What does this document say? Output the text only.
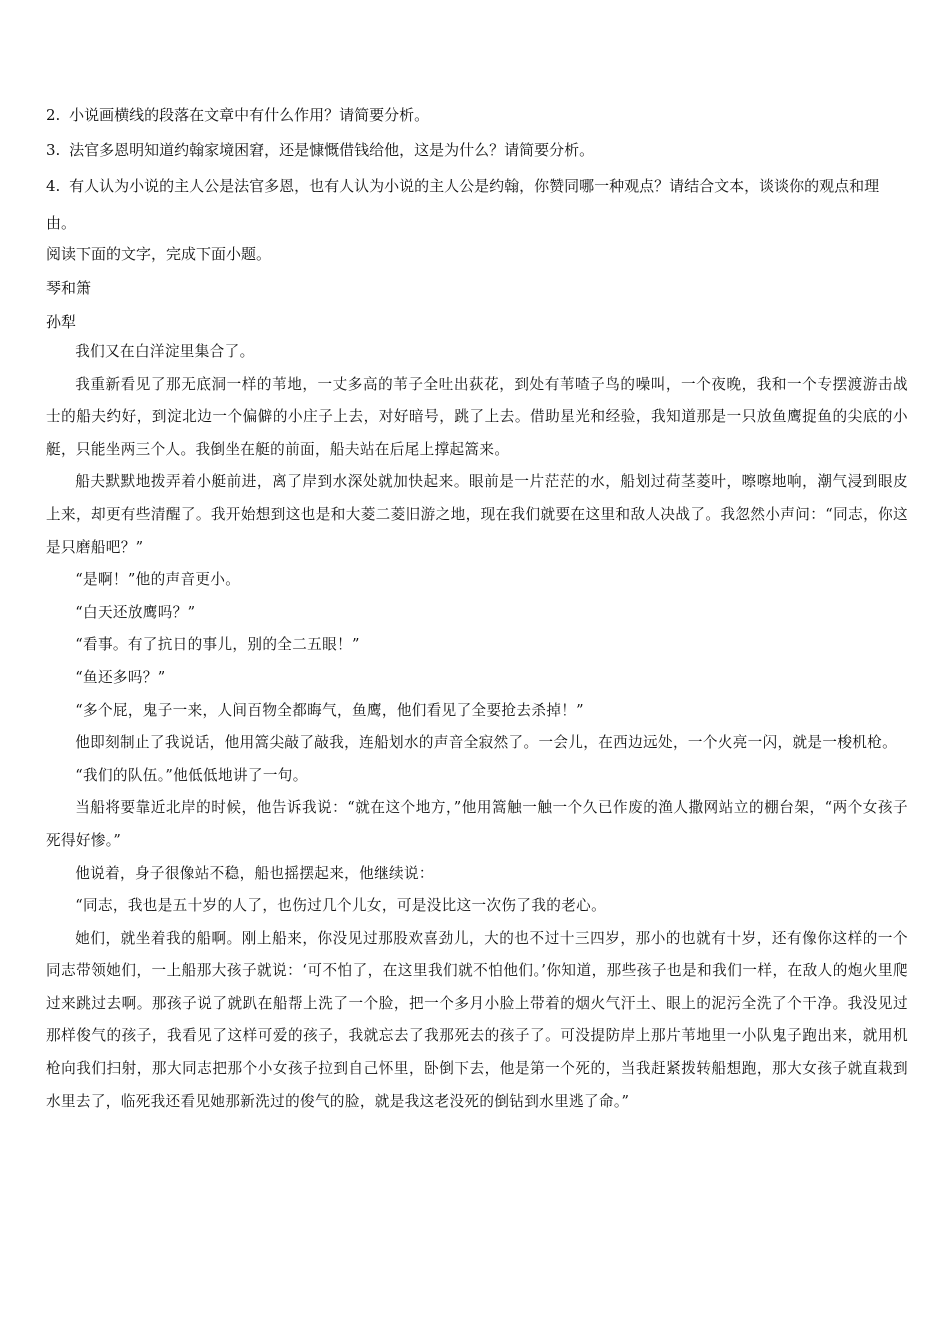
2. 小说画横线的段落在文章中有什么作用？请简要分析。

3. 法官多恩明知道约翰家境困窘，还是慷慨借钱给他，这是为什么？请简要分析。

4. 有人认为小说的主人公是法官多恩，也有人认为小说的主人公是约翰，你赞同哪一种观点？请结合文本，谈谈你的观点和理由。

阅读下面的文字，完成下面小题。

琴和箫

孙犁

我们又在白洋淀里集合了。

我重新看见了那无底洞一样的苇地，一丈多高的苇子全吐出荻花，到处有苇喳子鸟的噪叫，一个夜晚，我和一个专摆渡游击战士的船夫约好，到淀北边一个偏僻的小庄子上去，对好暗号，跳了上去。借助星光和经验，我知道那是一只放鱼鹰捉鱼的尖底的小艇，只能坐两三个人。我倒坐在艇的前面，船夫站在后尾上撑起篙来。

船夫默默地拨弄着小艇前进，离了岸到水深处就加快起来。眼前是一片茫茫的水，船划过荷茎菱叶，嚓嚓地响，潮气浸到眼皮上来，却更有些清醒了。我开始想到这也是和大菱二菱旧游之地，现在我们就要在这里和敌人决战了。我忽然小声问：“同志，你这是只磨船吧？”

“是啊！”他的声音更小。

“白天还放鹰吗？”

“看事。有了抗日的事儿，别的全二五眼！”

“鱼还多吗？”

“多个屁，鬼子一来，人间百物全都晦气，鱼鹰，他们看见了全要抢去杀掉！”

他即刻制止了我说话，他用篙尖敲了敲我，连船划水的声音全寂然了。一会儿，在西边远处，一个火亮一闪，就是一梭机枪。

“我们的队伍。”他低低地讲了一句。

当船将要靠近北岸的时候，他告诉我说：“就在这个地方，”他用篙触一触一个久已作废的渔人撒网站立的棚台架，“两个女孩子死得好惨。”

他说着，身子很像站不稳，船也摇摆起来，他继续说：

“同志，我也是五十岁的人了，也伤过几个儿女，可是没比这一次伤了我的老心。

她们，就坐着我的船啊。刚上船来，你没见过那股欢喜劲儿，大的也不过十三四岁，那小的也就有十岁，还有像你这样的一个同志带领她们，一上船那大孩子就说：‘可不怕了，在这里我们就不怕他们。’你知道，那些孩子也是和我们一样，在敌人的炮火里爬过来跳过去啊。那孩子说了就趴在船帮上洗了一个脸，把一个多月小脸上带着的烟火气汗土、眼上的泥污全洗了个干净。我没见过那样俊气的孩子，我看见了这样可爱的孩子，我就忘去了我那死去的孩子了。可没提防岸上那片苇地里一小队鬼子跑出来，就用机枪向我们扫射，那大同志把那个小女孩子拉到自己怀里，卧倒下去，他是第一个死的，当我赶紧拨转船想跑，那大女孩子就直栽到水里去了，临死我还看见她那新洗过的俊气的脸，就是我这老没死的倒钻到水里逃了命。”
